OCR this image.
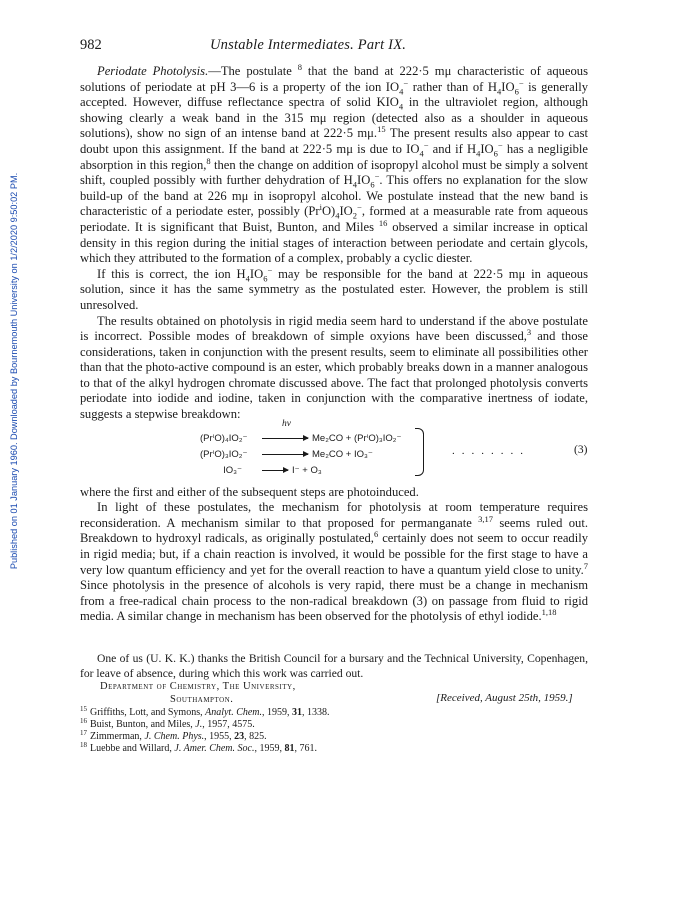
Published on 01 January 1960. Downloaded by Bournemouth University on 1/2/2020 9:50:02 PM.
982	Unstable Intermediates. Part IX.

Periodate Photolysis.—The postulate $^8$ that the band at 222·5 mμ characteristic of aqueous solutions of periodate at pH 3—6 is a property of the ion $IO_4^-$ rather than of $H_4IO_6^-$ is generally accepted. However, diffuse reflectance spectra of solid $KIO_4$ in the ultraviolet region, although showing clearly a weak band in the 315 mμ region (detected also as a shoulder in aqueous solutions), show no sign of an intense band at 222·5 mμ.$^{15}$ The present results also appear to cast doubt upon this assignment. If the band at 222·5 mμ is due to $IO_4^-$ and if $H_4IO_6^-$ has a negligible absorption in this region,$^8$ then the change on addition of isopropyl alcohol must be simply a solvent shift, coupled possibly with further dehydration of $H_4IO_6^-$. This offers no explanation for the slow build-up of the band at 226 mμ in isopropyl alcohol. We postulate instead that the new band is characteristic of a periodate ester, possibly $(Pr^iO)_4IO_2^-$, formed at a measurable rate from aqueous periodate. It is significant that Buist, Bunton, and Miles $^{16}$ observed a similar increase in optical density in this region during the initial stages of interaction between periodate and certain glycols, which they attributed to the formation of a complex, probably a cyclic diester.

If this is correct, the ion $H_4IO_6^-$ may be responsible for the band at 222·5 mμ in aqueous solution, since it has the same symmetry as the postulated ester. However, the problem is still unresolved.

The results obtained on photolysis in rigid media seem hard to understand if the above postulate is incorrect. Possible modes of breakdown of simple oxyions have been discussed,$^3$ and those considerations, taken in conjunction with the present results, seem to eliminate all possibilities other than that the photo-active compound is an ester, which probably breaks down in a manner analogous to that of the alkyl hydrogen chromate discussed above. The fact that prolonged photolysis converts periodate into iodide and iodine, taken in conjunction with the comparative inertness of iodate, suggests a stepwise breakdown:

hν
(PrⁱO)₄IO₂⁻	Me₂CO + (PrⁱO)₃IO₂⁻
(PrⁱO)₃IO₂⁻	Me₂CO + IO₃⁻
IO₃⁻ → I⁻ + O₃
........	(3)

where the first and either of the subsequent steps are photoinduced.

In light of these postulates, the mechanism for photolysis at room temperature requires reconsideration. A mechanism similar to that proposed for permanganate $^{3,17}$ seems ruled out. Breakdown to hydroxyl radicals, as originally postulated,$^6$ certainly does not seem to occur readily in rigid media; but, if a chain reaction is involved, it would be possible for the first stage to have a very low quantum efficiency and yet for the overall reaction to have a quantum yield close to unity.$^7$ Since photolysis in the presence of alcohols is very rapid, there must be a change in mechanism from a free-radical chain process to the non-radical breakdown (3) on passage from fluid to rigid media. A similar change in mechanism has been observed for the photolysis of ethyl iodide.$^{1,18}$

One of us (U. K. K.) thanks the British Council for a bursary and the Technical University, Copenhagen, for leave of absence, during which this work was carried out.
Department of Chemistry, The University,
Southampton.	[Received, August 25th, 1959.]
$^{15}$ Griffiths, Lott, and Symons, Analyt. Chem., 1959, 31, 1338.
$^{16}$ Buist, Bunton, and Miles, J., 1957, 4575.
$^{17}$ Zimmerman, J. Chem. Phys., 1955, 23, 825.
$^{18}$ Luebbe and Willard, J. Amer. Chem. Soc., 1959, 81, 761.
